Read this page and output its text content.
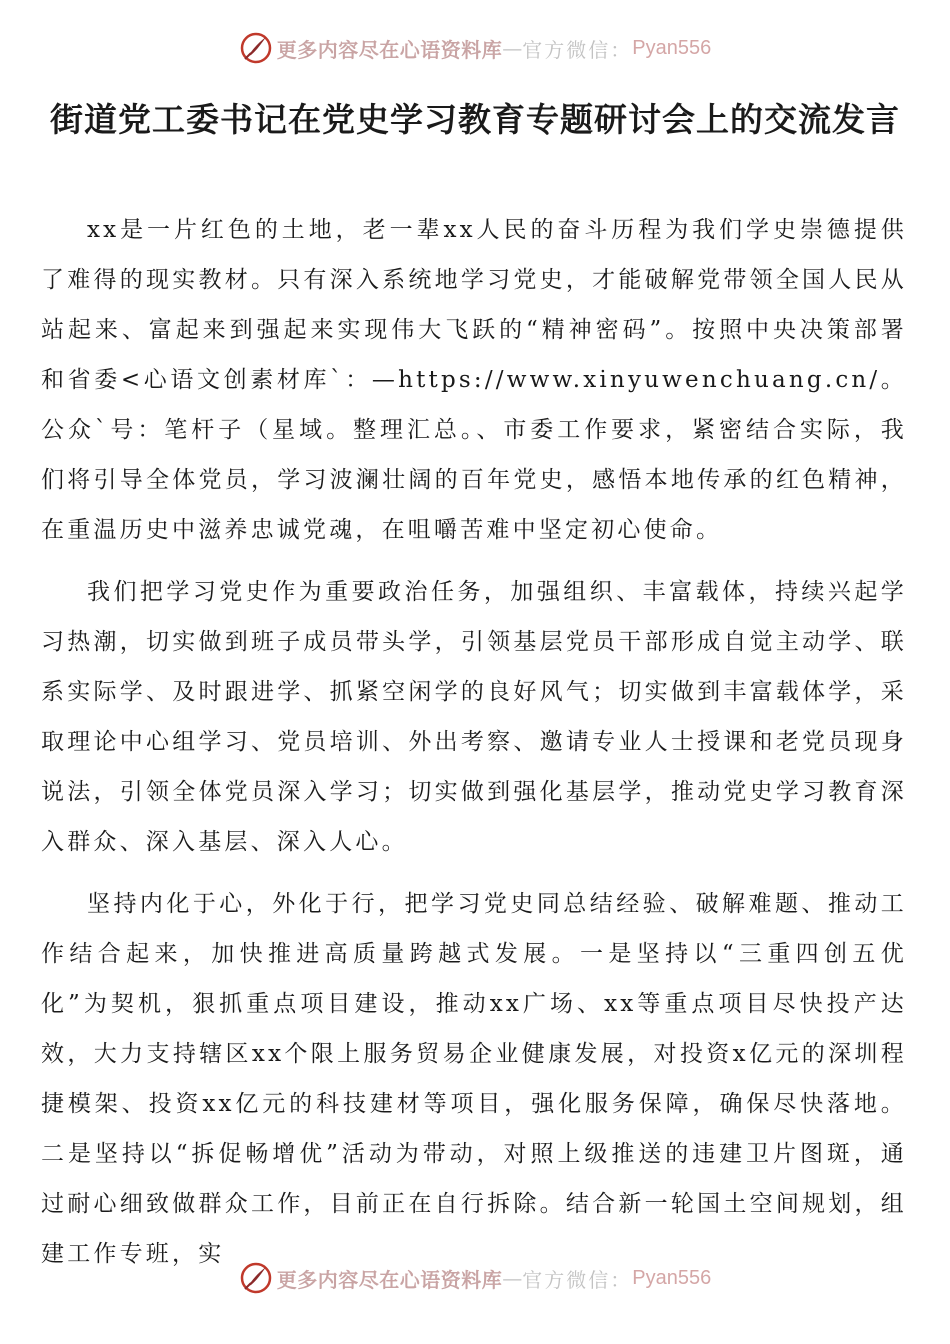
更多内容尽在心语资料库 — 官方微信： Pyan556
街道党工委书记在党史学习教育专题研讨会上的交流发言

xx是一片红色的土地，老一辈xx人民的奋斗历程为我们学史崇德提供了难得的现实教材。只有深入系统地学习党史，才能破解党带领全国人民从站起来、富起来到强起来实现伟大飞跃的“精神密码”。按照中央决策部署和省委<心语文创素材库`：—https://www.xinyuwenchuang.cn/。公众`号：笔杆子（星域。整理汇总。、市委工作要求，紧密结合实际，我们将引导全体党员，学习波澜壮阔的百年党史，感悟本地传承的红色精神，在重温历史中滋养忠诚党魂，在咀嚼苦难中坚定初心使命。

我们把学习党史作为重要政治任务，加强组织、丰富载体，持续兴起学习热潮，切实做到班子成员带头学，引领基层党员干部形成自觉主动学、联系实际学、及时跟进学、抓紧空闲学的良好风气；切实做到丰富载体学，采取理论中心组学习、党员培训、外出考察、邀请专业人士授课和老党员现身说法，引领全体党员深入学习；切实做到强化基层学，推动党史学习教育深入群众、深入基层、深入人心。

坚持内化于心，外化于行，把学习党史同总结经验、破解难题、推动工作结合起来，加快推进高质量跨越式发展。一是坚持以“三重四创五优化”为契机，狠抓重点项目建设，推动xx广场、xx等重点项目尽快投产达效，大力支持辖区xx个限上服务贸易企业健康发展，对投资x亿元的深圳程捷模架、投资xx亿元的科技建材等项目，强化服务保障，确保尽快落地。二是坚持以“拆促畅增优”活动为带动，对照上级推送的违建卫片图斑，通过耐心细致做群众工作，目前正在自行拆除。结合新一轮国土空间规划，组建工作专班，实

更多内容尽在心语资料库 — 官方微信： Pyan556
